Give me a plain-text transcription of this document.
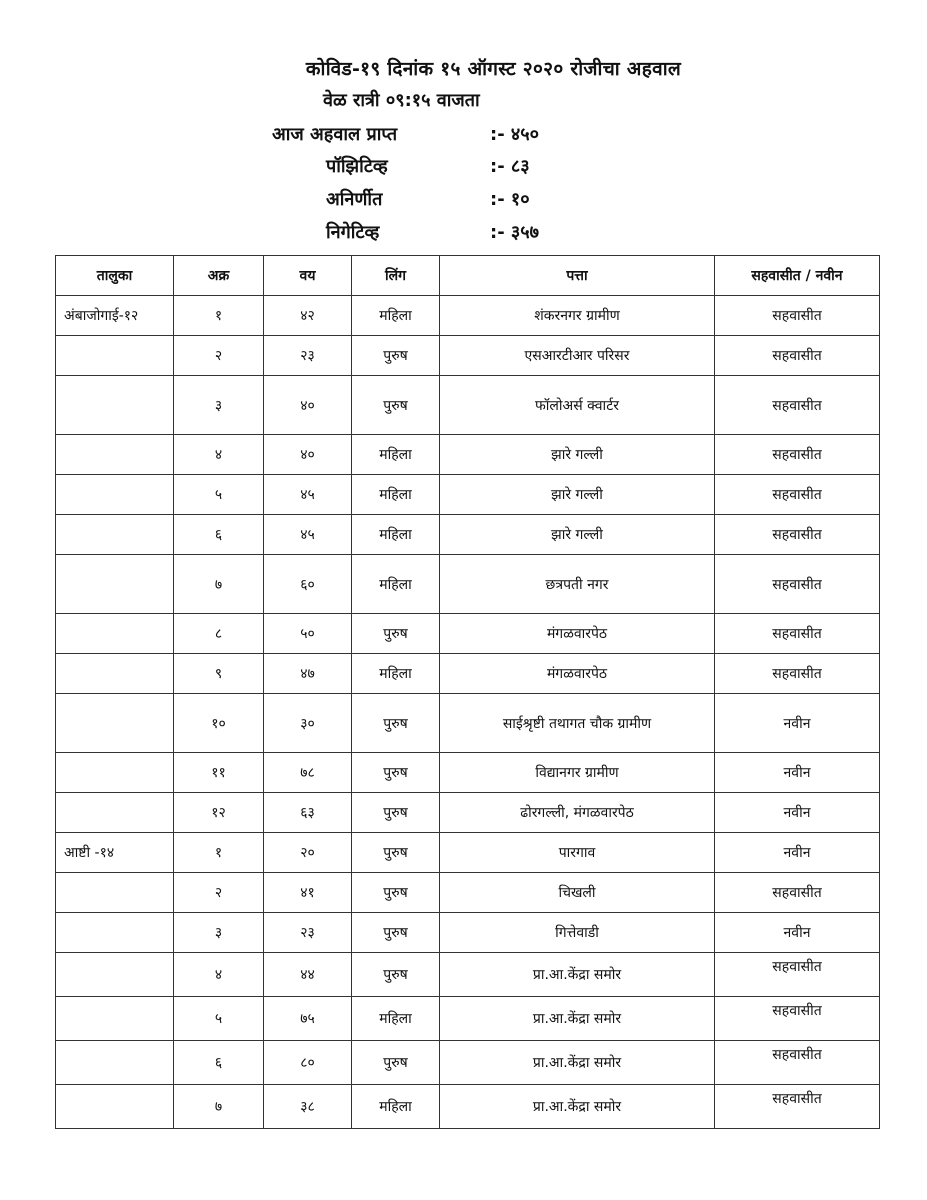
कोविड-१९ दिनांक १५ ऑगस्ट २०२० रोजीचा अहवाल
वेळ रात्री ०९:१५ वाजता
आज अहवाल प्राप्त	:- ४५०
पॉझिटिव्ह	:- ८३
अनिर्णीत	:- १०
निगेटिव्ह	:- ३५७
तालुका	अक्र	वय	लिंग	पत्ता	सहवासीत / नवीन
अंबाजोगाई-१२	१	४२	महिला	शंकरनगर ग्रामीण	सहवासीत
	२	२३	पुरुष	एसआरटीआर परिसर	सहवासीत
	३	४०	पुरुष	फॉलोअर्स क्वार्टर	सहवासीत
	४	४०	महिला	झारे गल्ली	सहवासीत
	५	४५	महिला	झारे गल्ली	सहवासीत
	६	४५	महिला	झारे गल्ली	सहवासीत
	७	६०	महिला	छत्रपती नगर	सहवासीत
	८	५०	पुरुष	मंगळवारपेठ	सहवासीत
	९	४७	महिला	मंगळवारपेठ	सहवासीत
	१०	३०	पुरुष	साईश्रृष्टी तथागत चौक ग्रामीण	नवीन
	११	७८	पुरुष	विद्यानगर ग्रामीण	नवीन
	१२	६३	पुरुष	ढोरगल्ली, मंगळवारपेठ	नवीन
आष्टी -१४	१	२०	पुरुष	पारगाव	नवीन
	२	४१	पुरुष	चिखली	सहवासीत
	३	२३	पुरुष	गित्तेवाडी	नवीन
	४	४४	पुरुष	प्रा.आ.केंद्रा समोर	सहवासीत
	५	७५	महिला	प्रा.आ.केंद्रा समोर	सहवासीत
	६	८०	पुरुष	प्रा.आ.केंद्रा समोर	सहवासीत
	७	३८	महिला	प्रा.आ.केंद्रा समोर	सहवासीत
